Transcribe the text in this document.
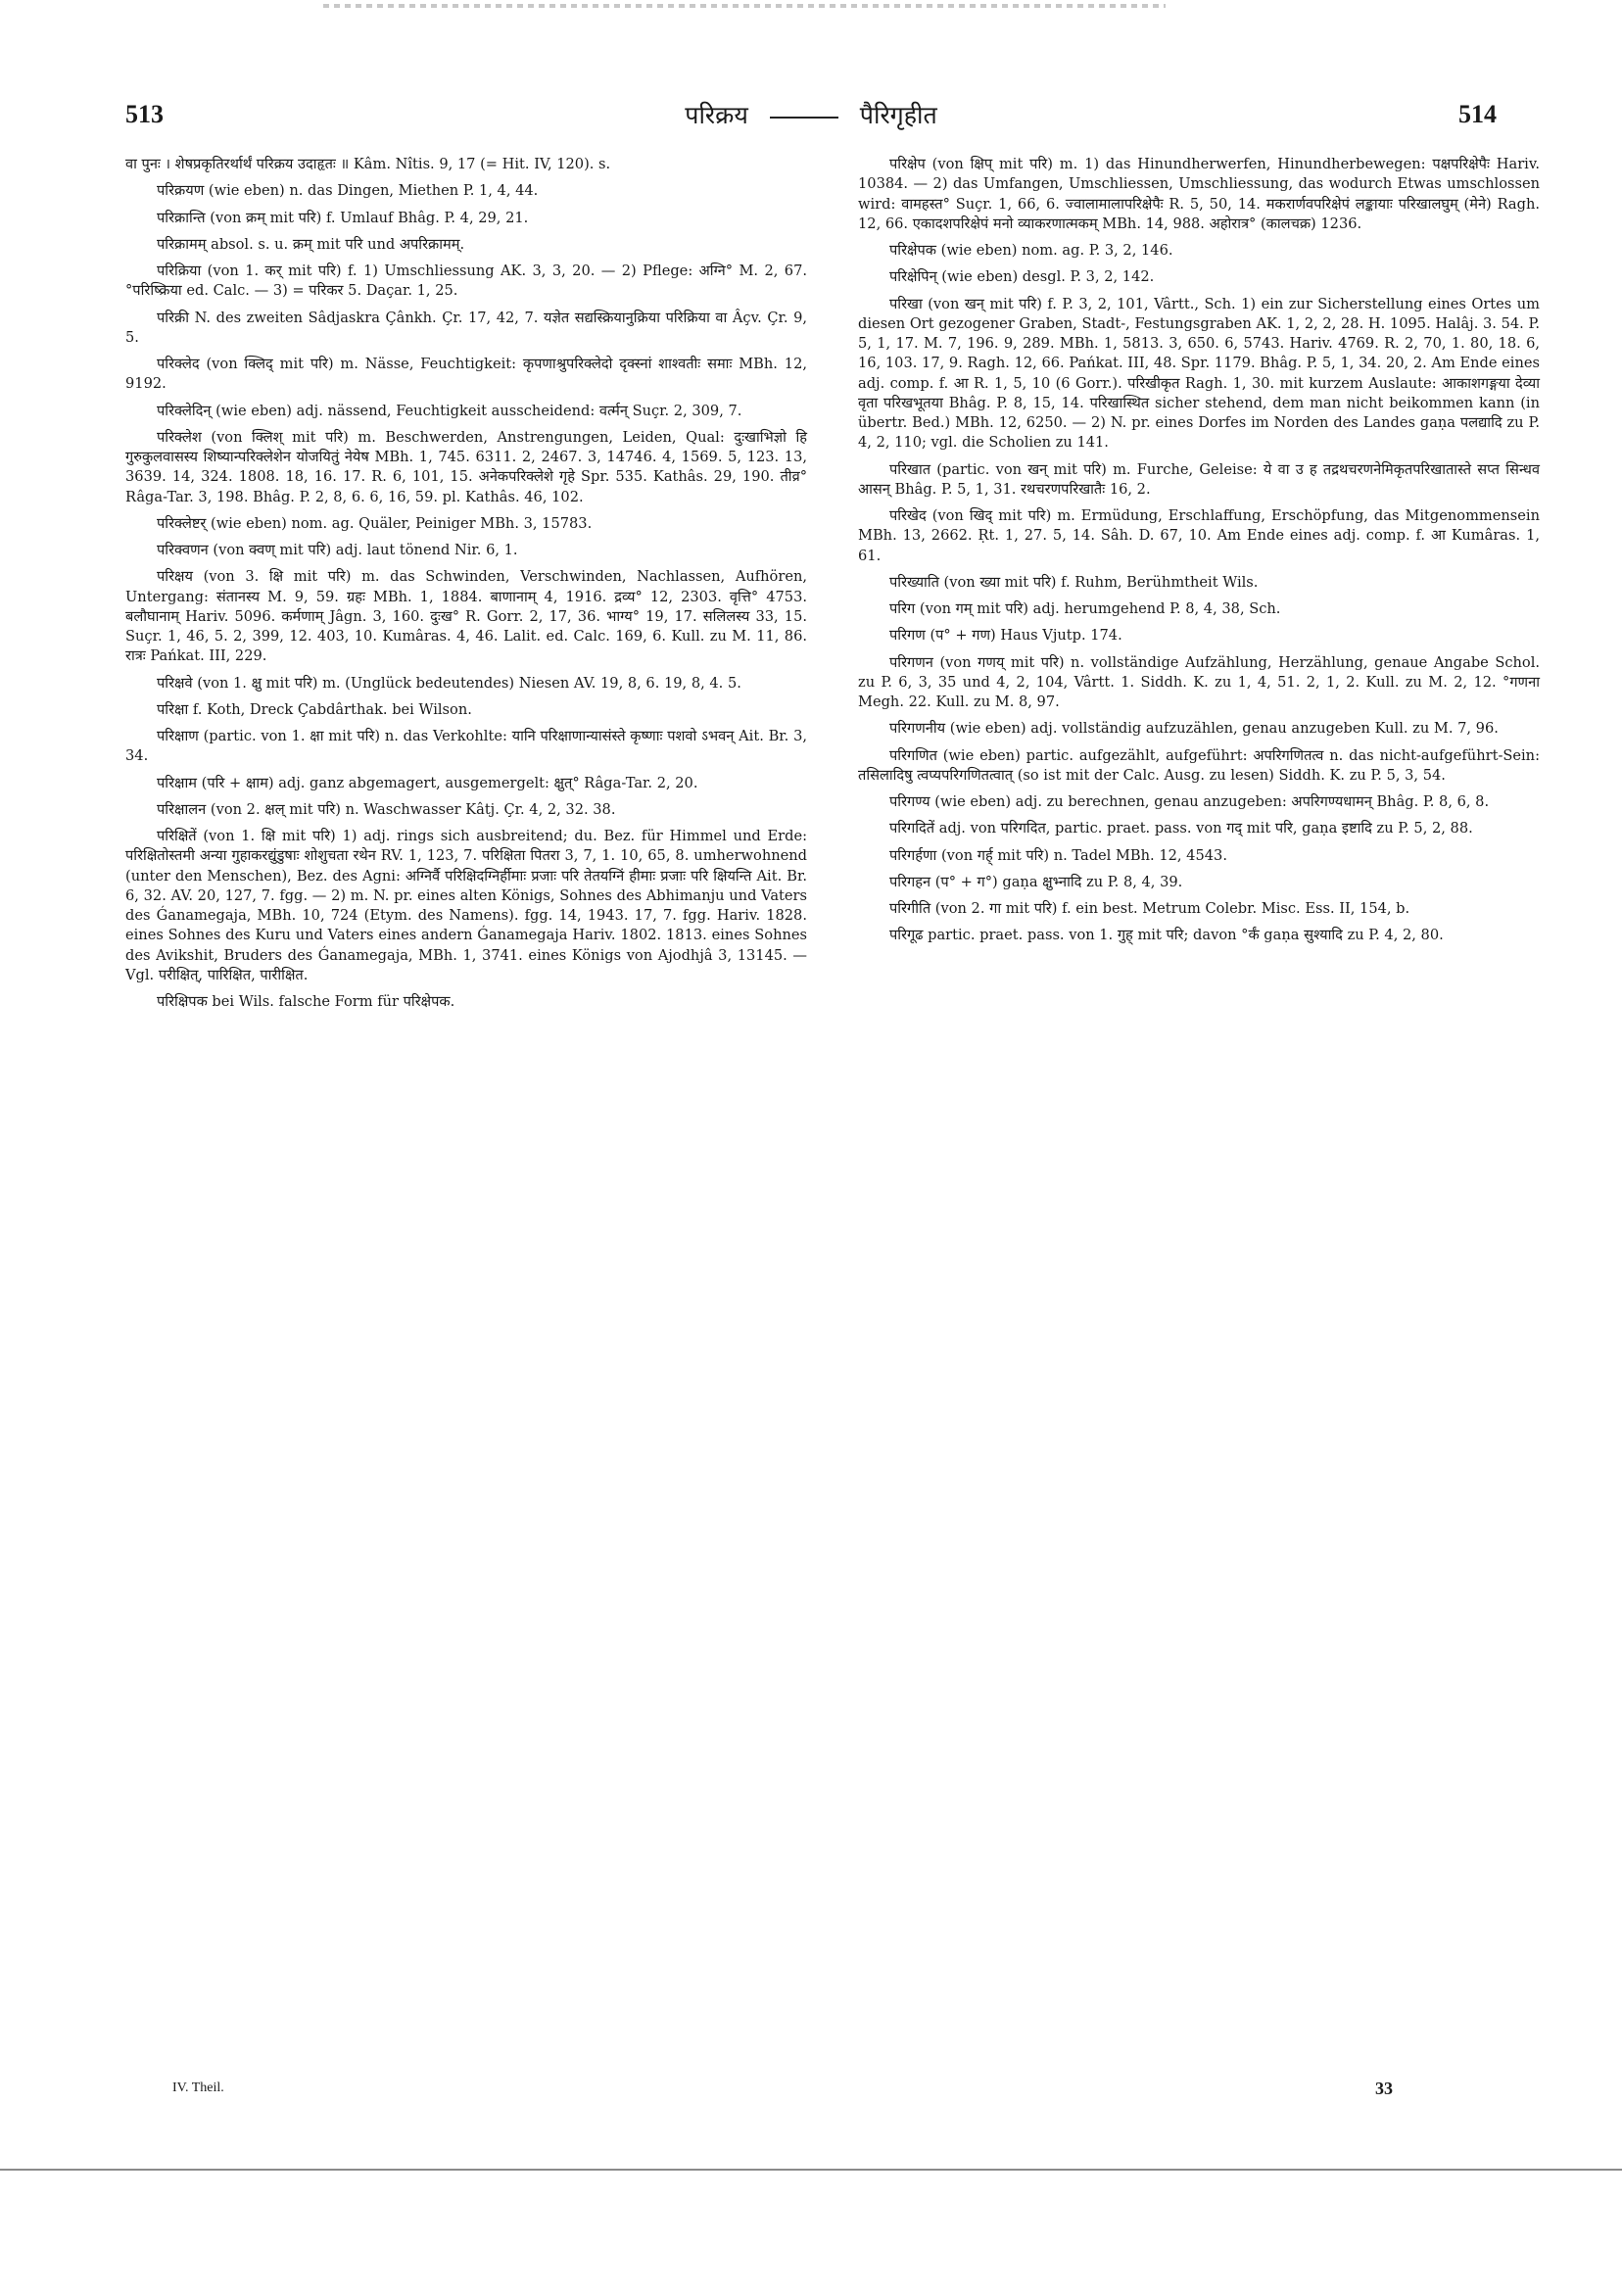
513	परिक्रय	पैरिगृहीत	514

वा पुनः । शेषप्रकृतिरर्थार्थं परिक्रय उदाहृतः ॥ Kâm. Nîtis. 9, 17 (= Hit. IV, 120). s.

परिक्रयण (wie eben) n. das Dingen, Miethen P. 1, 4, 44.

परिक्रान्ति (von क्रम् mit परि) f. Umlauf Bhâg. P. 4, 29, 21.

परिक्रामम् absol. s. u. क्रम् mit परि und अपरिक्रामम्.

परिक्रिया (von 1. कर् mit परि) f. 1) Umschliessung AK. 3, 3, 20. — 2) Pflege: अग्नि° M. 2, 67. °परिष्क्रिया ed. Calc. — 3) = परिकर 5. Daçar. 1, 25.

परिक्री N. des zweiten Sâdjaskra Çânkh. Çr. 17, 42, 7. यज्ञेत सद्यस्क्रियानुक्रिया परिक्रिया वा Âçv. Çr. 9, 5.

परिक्लेद (von क्लिद् mit परि) m. Nässe, Feuchtigkeit: कृपणाश्रुपरिक्लेदो दृक्स्नां शाश्वतीः समाः MBh. 12, 9192.

परिक्लेदिन् (wie eben) adj. nässend, Feuchtigkeit ausscheidend: वर्त्मन् Suçr. 2, 309, 7.

परिक्लेश (von क्लिश् mit परि) m. Beschwerden, Anstrengungen, Leiden, Qual: दुःखाभिज्ञो हि गुरुकुलवासस्य शिष्यान्परिक्लेशेन योजयितुं नेयेष MBh. 1, 745. 6311. 2, 2467. 3, 14746. 4, 1569. 5, 123. 13, 3639. 14, 324. 1808. 18, 16. 17. R. 6, 101, 15. अनेकपरिक्लेशे गृहे Spr. 535. Kathâs. 29, 190. तीव्र° Râga-Tar. 3, 198. Bhâg. P. 2, 8, 6. 6, 16, 59. pl. Kathâs. 46, 102.

परिक्लेष्टर् (wie eben) nom. ag. Quäler, Peiniger MBh. 3, 15783.

परिक्वणन (von क्वण् mit परि) adj. laut tönend Nir. 6, 1.

परिक्षय (von 3. क्षि mit परि) m. das Schwinden, Verschwinden, Nachlassen, Aufhören, Untergang: संतानस्य M. 9, 59. ग्रहः MBh. 1, 1884. बाणानाम् 4, 1916. द्रव्य° 12, 2303. वृत्ति° 4753. बलौघानाम् Hariv. 5096. कर्मणाम् Jâgn. 3, 160. दुःख° R. Gorr. 2, 17, 36. भाग्य° 19, 17. सलिलस्य 33, 15. Suçr. 1, 46, 5. 2, 399, 12. 403, 10. Kumâras. 4, 46. Lalit. ed. Calc. 169, 6. Kull. zu M. 11, 86. रात्रः Pańkat. III, 229.

परिक्षवे (von 1. क्षु mit परि) m. (Unglück bedeutendes) Niesen AV. 19, 8, 6. 19, 8, 4. 5.

परिक्षा f. Koth, Dreck Çabdârthak. bei Wilson.

परिक्षाण (partic. von 1. क्षा mit परि) n. das Verkohlte: यानि परिक्षाणान्यासंस्ते कृष्णाः पशवो ऽभवन् Ait. Br. 3, 34.

परिक्षाम (परि + क्षाम) adj. ganz abgemagert, ausgemergelt: क्षुत्° Râga-Tar. 2, 20.

परिक्षालन (von 2. क्षल् mit परि) n. Waschwasser Kâtj. Çr. 4, 2, 32. 38.

परिक्षितें (von 1. क्षि mit परि) 1) adj. rings sich ausbreitend; du. Bez. für Himmel und Erde: परिक्षितोस्तमी अन्या गुहाकरद्युंडुषाः शोशुचता रथेन RV. 1, 123, 7. परिक्षिता पितरा 3, 7, 1. 10, 65, 8. umherwohnend (unter den Menschen), Bez. des Agni: अग्निर्वै परिक्षिदग्निर्हीमाः प्रजाः परि तेतयग्निं हीमाः प्रजाः परि क्षियन्ति Ait. Br. 6, 32. AV. 20, 127, 7. fgg. — 2) m. N. pr. eines alten Königs, Sohnes des Abhimanju und Vaters des Ǵanamegaja, MBh. 10, 724 (Etym. des Namens). fgg. 14, 1943. 17, 7. fgg. Hariv. 1828. eines Sohnes des Kuru und Vaters eines andern Ǵanamegaja Hariv. 1802. 1813. eines Sohnes des Avikshit, Bruders des Ǵanamegaja, MBh. 1, 3741. eines Königs von Ajodhjâ 3, 13145. — Vgl. परीक्षित्, पारिक्षित, पारीक्षित.

परिक्षिपक bei Wils. falsche Form für परिक्षेपक.

परिक्षेप (von क्षिप् mit परि) m. 1) das Hinundherwerfen, Hinundherbewegen: पक्षपरिक्षेपैः Hariv. 10384. — 2) das Umfangen, Umschliessen, Umschliessung, das wodurch Etwas umschlossen wird: वामहस्त° Suçr. 1, 66, 6. ज्वालामालापरिक्षेपैः R. 5, 50, 14. मकरार्णवपरिक्षेपं लङ्कायाः परिखालघुम् (मेने) Ragh. 12, 66. एकादशपरिक्षेपं मनो व्याकरणात्मकम् MBh. 14, 988. अहोरात्र° (कालचक्र) 1236.

परिक्षेपक (wie eben) nom. ag. P. 3, 2, 146.

परिक्षेपिन् (wie eben) desgl. P. 3, 2, 142.

परिखा (von खन् mit परि) f. P. 3, 2, 101, Vârtt., Sch. 1) ein zur Sicherstellung eines Ortes um diesen Ort gezogener Graben, Stadt-, Festungsgraben AK. 1, 2, 2, 28. H. 1095. Halâj. 3. 54. P. 5, 1, 17. M. 7, 196. 9, 289. MBh. 1, 5813. 3, 650. 6, 5743. Hariv. 4769. R. 2, 70, 1. 80, 18. 6, 16, 103. 17, 9. Ragh. 12, 66. Pańkat. III, 48. Spr. 1179. Bhâg. P. 5, 1, 34. 20, 2. Am Ende eines adj. comp. f. आ R. 1, 5, 10 (6 Gorr.). परिखीकृत Ragh. 1, 30. mit kurzem Auslaute: आकाशगङ्गया देव्या वृता परिखभूतया Bhâg. P. 8, 15, 14. परिखास्थित sicher stehend, dem man nicht beikommen kann (in übertr. Bed.) MBh. 12, 6250. — 2) N. pr. eines Dorfes im Norden des Landes gaṇa पलद्यादि zu P. 4, 2, 110; vgl. die Scholien zu 141.

परिखात (partic. von खन् mit परि) m. Furche, Geleise: ये वा उ ह तद्रथचरणनेमिकृतपरिखातास्ते सप्त सिन्धव आसन् Bhâg. P. 5, 1, 31. रथचरणपरिखातैः 16, 2.

परिखेद (von खिद् mit परि) m. Ermüdung, Erschlaffung, Erschöpfung, das Mitgenommensein MBh. 13, 2662. Ṛt. 1, 27. 5, 14. Sâh. D. 67, 10. Am Ende eines adj. comp. f. आ Kumâras. 1, 61.

परिख्याति (von ख्या mit परि) f. Ruhm, Berühmtheit Wils.

परिग (von गम् mit परि) adj. herumgehend P. 8, 4, 38, Sch.

परिगण (प° + गण) Haus Vjutp. 174.

परिगणन (von गणय् mit परि) n. vollständige Aufzählung, Herzählung, genaue Angabe Schol. zu P. 6, 3, 35 und 4, 2, 104, Vârtt. 1. Siddh. K. zu 1, 4, 51. 2, 1, 2. Kull. zu M. 2, 12. °गणना Megh. 22. Kull. zu M. 8, 97.

परिगणनीय (wie eben) adj. vollständig aufzuzählen, genau anzugeben Kull. zu M. 7, 96.

परिगणित (wie eben) partic. aufgezählt, aufgeführt: अपरिगणितत्व n. das nicht-aufgeführt-Sein: तसिलादिषु त्वप्यपरिगणितत्वात् (so ist mit der Calc. Ausg. zu lesen) Siddh. K. zu P. 5, 3, 54.

परिगण्य (wie eben) adj. zu berechnen, genau anzugeben: अपरिगण्यधामन् Bhâg. P. 8, 6, 8.

परिगदितें adj. von परिगदित, partic. praet. pass. von गद् mit परि, gaṇa इष्टादि zu P. 5, 2, 88.

परिगर्हणा (von गर्ह् mit परि) n. Tadel MBh. 12, 4543.

परिगहन (प° + ग°) gaṇa क्षुभ्नादि zu P. 8, 4, 39.

परिगीति (von 2. गा mit परि) f. ein best. Metrum Colebr. Misc. Ess. II, 154, b.

परिगूढ partic. praet. pass. von 1. गुह् mit परि; davon °र्कं gaṇa सुश्यादि zu P. 4, 2, 80.

IV. Theil.	33
